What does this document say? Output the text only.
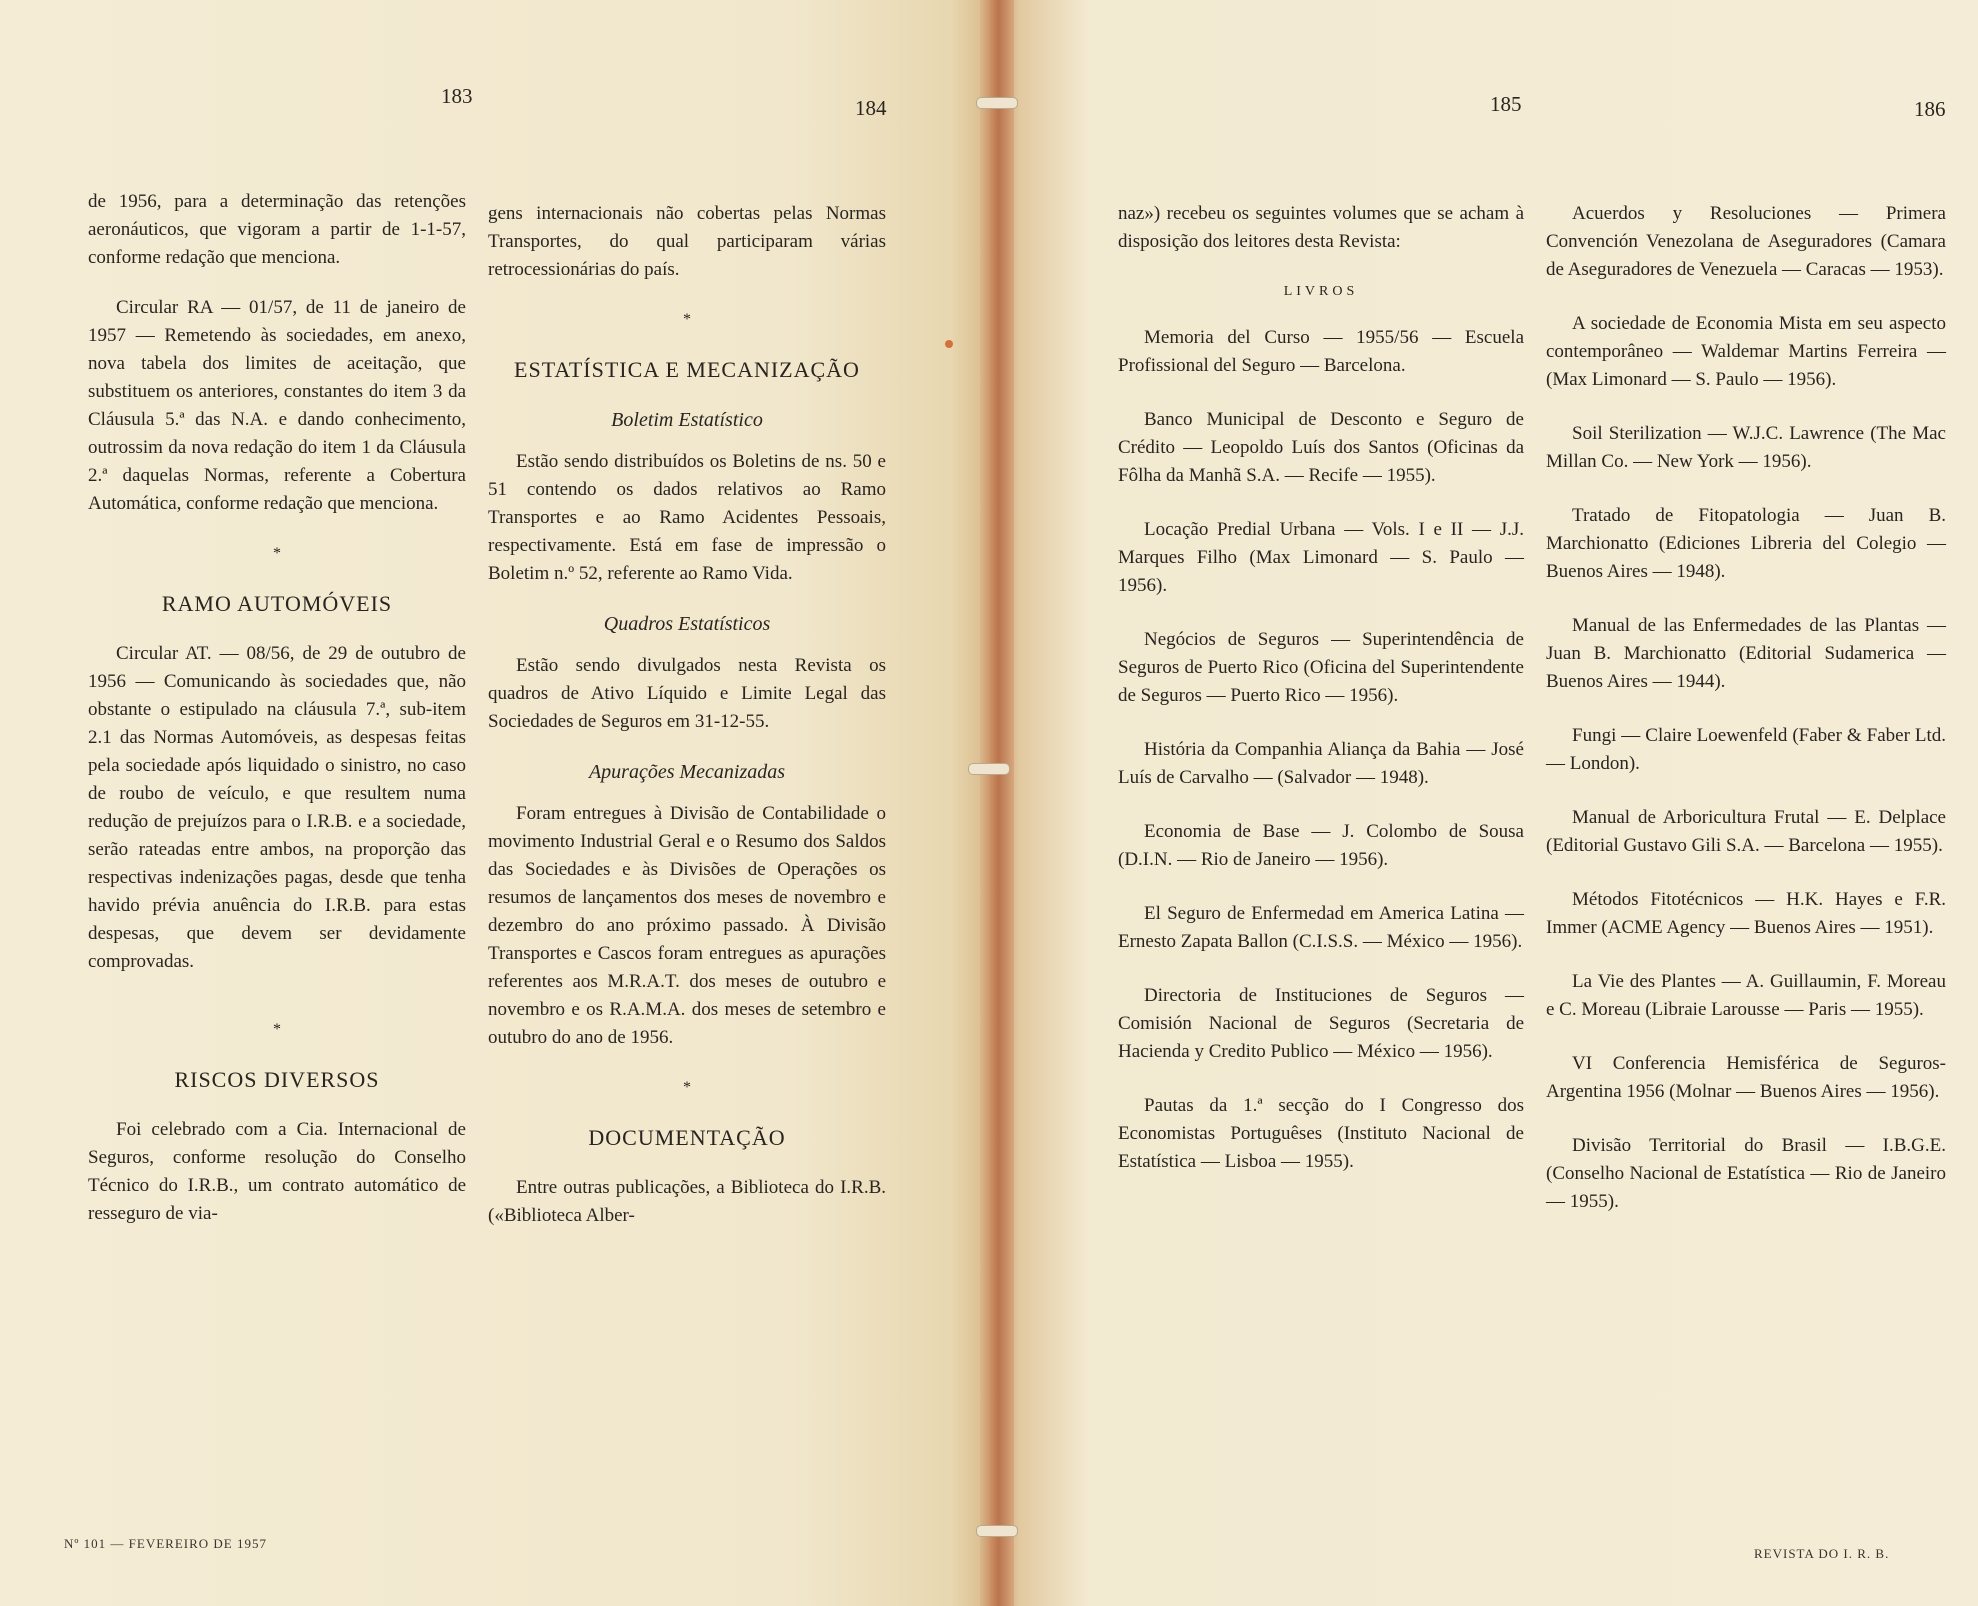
183	184	185	186

de 1956, para a determinação das retenções aeronáuticos, que vigoram a partir de 1-1-57, conforme redação que menciona.

Circular RA — 01/57, de 11 de janeiro de 1957 — Remetendo às sociedades, em anexo, nova tabela dos limites de aceitação, que substituem os anteriores, constantes do item 3 da Cláusula 5.ª das N.A. e dando conhecimento, outrossim da nova redação do item 1 da Cláusula 2.ª daquelas Normas, referente a Cobertura Automática, conforme redação que menciona.

*
RAMO AUTOMÓVEIS

Circular AT. — 08/56, de 29 de outubro de 1956 — Comunicando às sociedades que, não obstante o estipulado na cláusula 7.ª, sub-item 2.1 das Normas Automóveis, as despesas feitas pela sociedade após liquidado o sinistro, no caso de roubo de veículo, e que resultem numa redução de prejuízos para o I.R.B. e a sociedade, serão rateadas entre ambos, na proporção das respectivas indenizações pagas, desde que tenha havido prévia anuência do I.R.B. para estas despesas, que devem ser devidamente comprovadas.

*
RISCOS DIVERSOS

Foi celebrado com a Cia. Internacional de Seguros, conforme resolução do Conselho Técnico do I.R.B., um contrato automático de resseguro de via-

gens internacionais não cobertas pelas Normas Transportes, do qual participaram várias retrocessionárias do país.

*
ESTATÍSTICA E MECANIZAÇÃO
Boletim Estatístico

Estão sendo distribuídos os Boletins de ns. 50 e 51 contendo os dados relativos ao Ramo Transportes e ao Ramo Acidentes Pessoais, respectivamente. Está em fase de impressão o Boletim n.º 52, referente ao Ramo Vida.

Quadros Estatísticos

Estão sendo divulgados nesta Revista os quadros de Ativo Líquido e Limite Legal das Sociedades de Seguros em 31-12-55.

Apurações Mecanizadas

Foram entregues à Divisão de Contabilidade o movimento Industrial Geral e o Resumo dos Saldos das Sociedades e às Divisões de Operações os resumos de lançamentos dos meses de novembro e dezembro do ano próximo passado. À Divisão Transportes e Cascos foram entregues as apurações referentes aos M.R.A.T. dos meses de outubro e novembro e os R.A.M.A. dos meses de setembro e outubro do ano de 1956.

*
DOCUMENTAÇÃO

Entre outras publicações, a Biblioteca do I.R.B. («Biblioteca Alber-

naz») recebeu os seguintes volumes que se acham à disposição dos leitores desta Revista:

LIVROS

Memoria del Curso — 1955/56 — Escuela Profissional del Seguro — Barcelona.

Banco Municipal de Desconto e Seguro de Crédito — Leopoldo Luís dos Santos (Oficinas da Fôlha da Manhã S.A. — Recife — 1955).

Locação Predial Urbana — Vols. I e II — J.J. Marques Filho (Max Limonard — S. Paulo — 1956).

Negócios de Seguros — Superintendência de Seguros de Puerto Rico (Oficina del Superintendente de Seguros — Puerto Rico — 1956).

História da Companhia Aliança da Bahia — José Luís de Carvalho — (Salvador — 1948).

Economia de Base — J. Colombo de Sousa (D.I.N. — Rio de Janeiro — 1956).

El Seguro de Enfermedad em America Latina — Ernesto Zapata Ballon (C.I.S.S. — México — 1956).

Directoria de Instituciones de Seguros — Comisión Nacional de Seguros (Secretaria de Hacienda y Credito Publico — México — 1956).

Pautas da 1.ª secção do I Congresso dos Economistas Portuguêses (Instituto Nacional de Estatística — Lisboa — 1955).

Acuerdos y Resoluciones — Primera Convención Venezolana de Aseguradores (Camara de Aseguradores de Venezuela — Caracas — 1953).

A sociedade de Economia Mista em seu aspecto contemporâneo — Waldemar Martins Ferreira — (Max Limonard — S. Paulo — 1956).

Soil Sterilization — W.J.C. Lawrence (The Mac Millan Co. — New York — 1956).

Tratado de Fitopatologia — Juan B. Marchionatto (Ediciones Libreria del Colegio — Buenos Aires — 1948).

Manual de las Enfermedades de las Plantas — Juan B. Marchionatto (Editorial Sudamerica — Buenos Aires — 1944).

Fungi — Claire Loewenfeld (Faber & Faber Ltd. — London).

Manual de Arboricultura Frutal — E. Delplace (Editorial Gustavo Gili S.A. — Barcelona — 1955).

Métodos Fitotécnicos — H.K. Hayes e F.R. Immer (ACME Agency — Buenos Aires — 1951).

La Vie des Plantes — A. Guillaumin, F. Moreau e C. Moreau (Libraie Larousse — Paris — 1955).

VI Conferencia Hemisférica de Seguros-Argentina 1956 (Molnar — Buenos Aires — 1956).

Divisão Territorial do Brasil — I.B.G.E. (Conselho Nacional de Estatística — Rio de Janeiro — 1955).

Nº 101 — FEVEREIRO DE 1957
REVISTA DO I. R. B.
